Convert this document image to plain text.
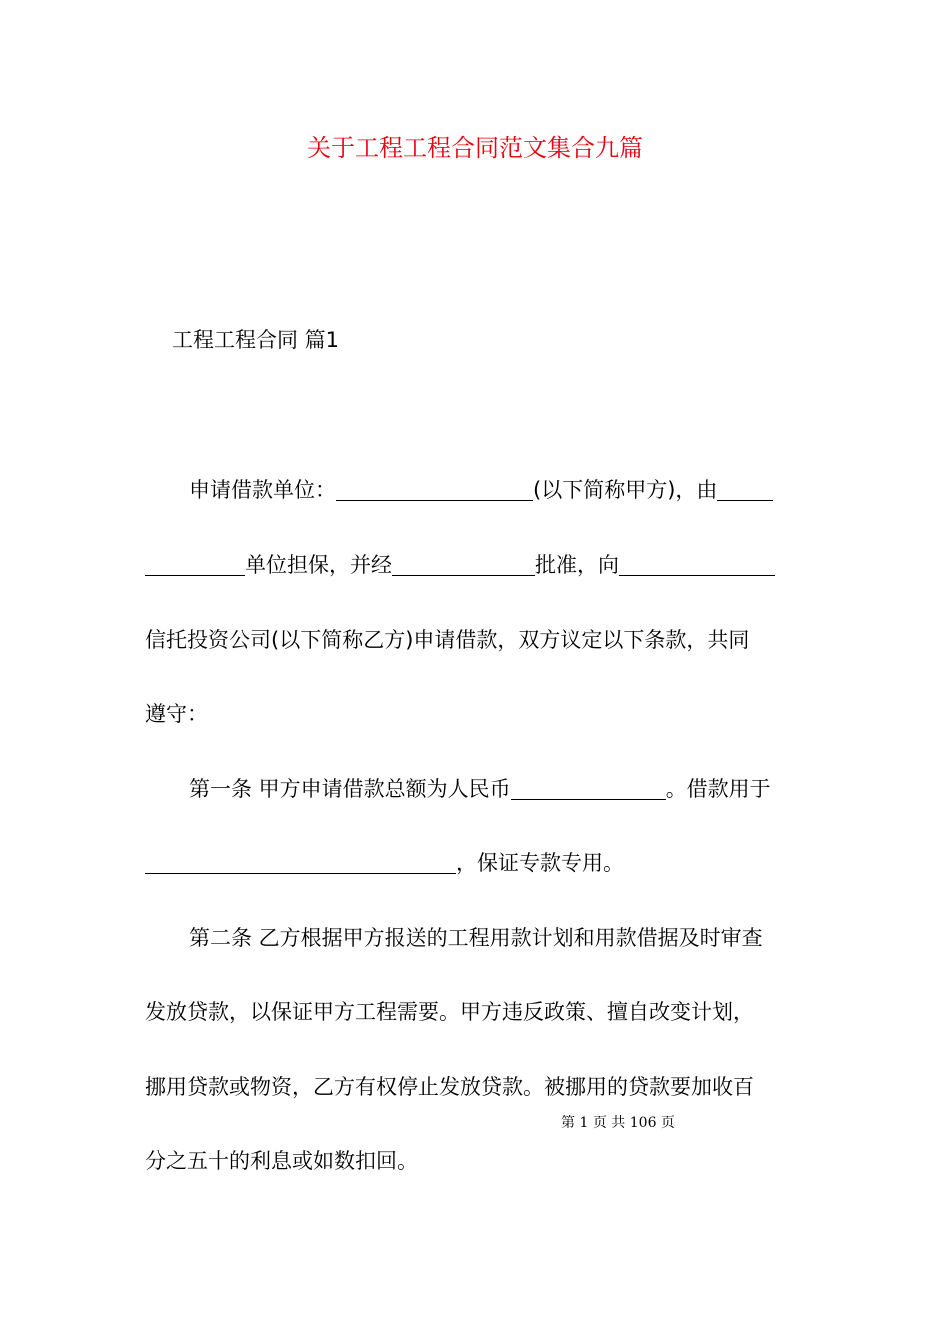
关于工程工程合同范文集合九篇
工程工程合同 篇1
申请借款单位：	(以下简称甲方)，由
单位担保，并经	批准，向
信托投资公司(以下简称乙方)申请借款，双方议定以下条款，共同
遵守：
第一条 甲方申请借款总额为人民币	。借款用于
，保证专款专用。
第二条 乙方根据甲方报送的工程用款计划和用款借据及时审查
发放贷款，以保证甲方工程需要。甲方违反政策、擅自改变计划，
挪用贷款或物资，乙方有权停止发放贷款。被挪用的贷款要加收百
第 1 页 共 106 页
分之五十的利息或如数扣回。
